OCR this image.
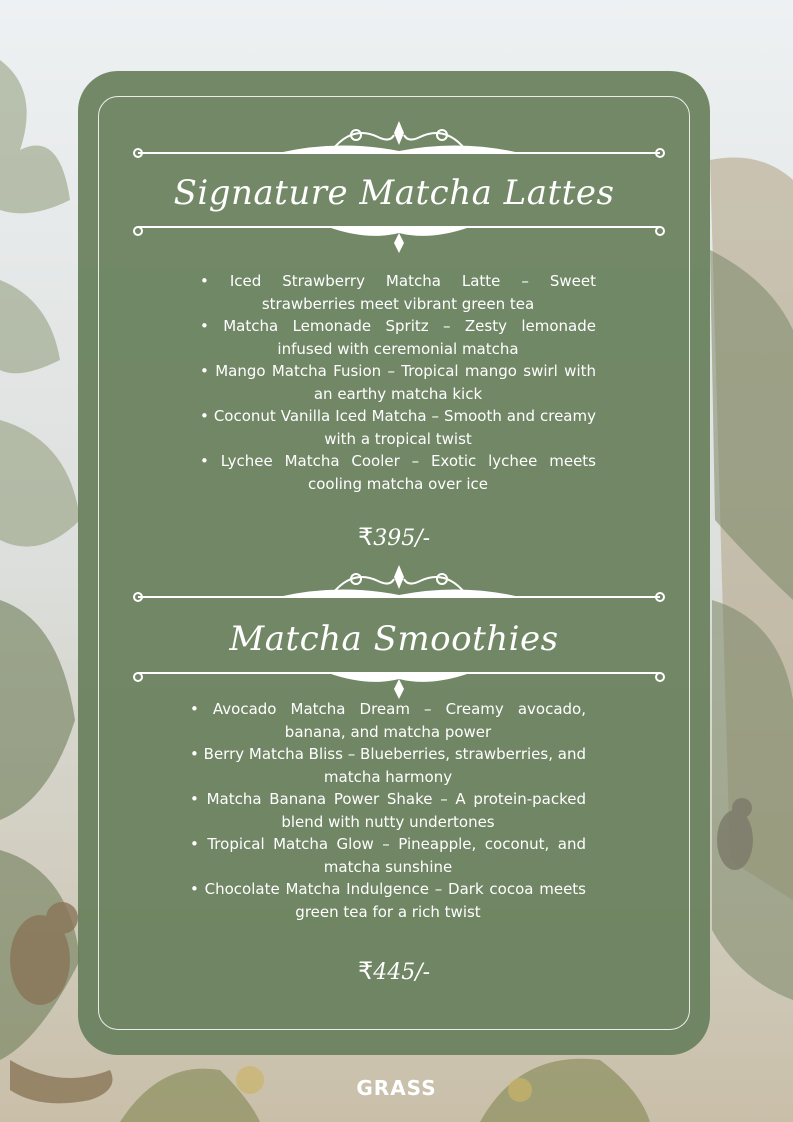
Signature Matcha Lattes
• Iced Strawberry Matcha Latte – Sweet strawberries meet vibrant green tea
• Matcha Lemonade Spritz – Zesty lemonade infused with ceremonial matcha
• Mango Matcha Fusion – Tropical mango swirl with an earthy matcha kick
• Coconut Vanilla Iced Matcha – Smooth and creamy with a tropical twist
• Lychee Matcha Cooler – Exotic lychee meets cooling matcha over ice
₹395/-
Matcha Smoothies
• Avocado Matcha Dream – Creamy avocado, banana, and matcha power
• Berry Matcha Bliss – Blueberries, strawberries, and matcha harmony
• Matcha Banana Power Shake – A protein-packed blend with nutty undertones
• Tropical Matcha Glow – Pineapple, coconut, and matcha sunshine
• Chocolate Matcha Indulgence – Dark cocoa meets green tea for a rich twist
₹445/-
GRASS
